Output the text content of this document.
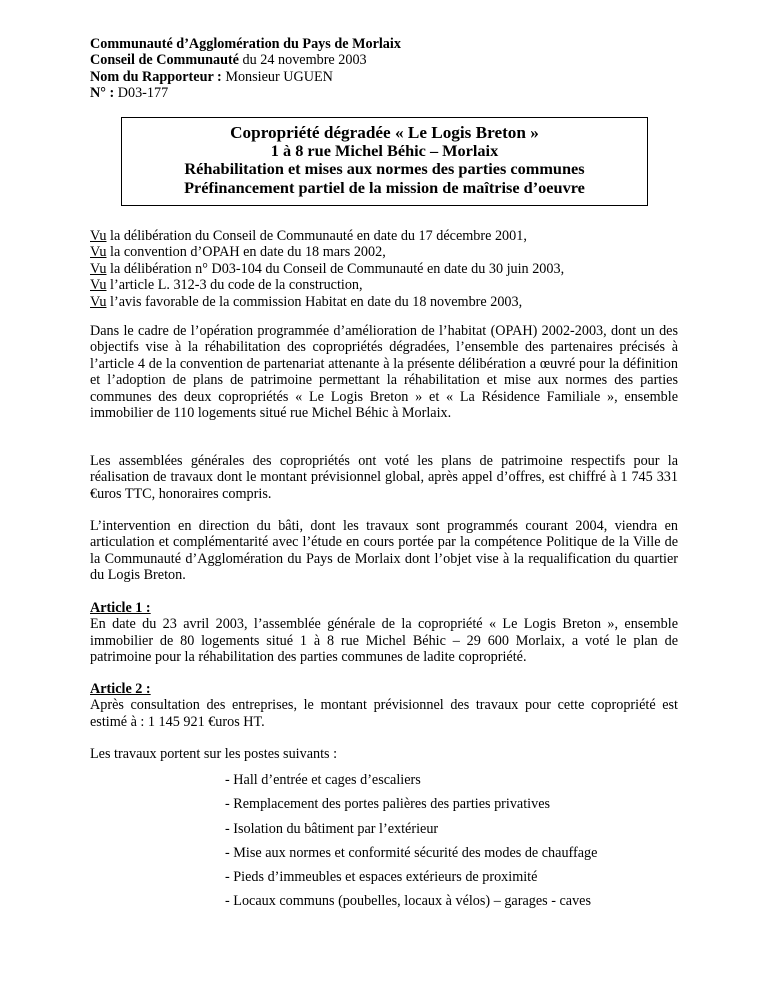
Communauté d’Agglomération du Pays de Morlaix
Conseil de Communauté du 24 novembre 2003
Nom du Rapporteur : Monsieur UGUEN
N° : D03-177
Copropriété dégradée « Le Logis Breton »
1 à 8 rue Michel Béhic – Morlaix
Réhabilitation et mises aux normes des parties communes
Préfinancement partiel de la mission de maîtrise d’oeuvre
Vu la délibération du Conseil de Communauté en date du 17 décembre 2001,
Vu la convention d’OPAH en date du 18 mars 2002,
Vu la délibération n° D03-104 du Conseil de Communauté en date du 30 juin 2003,
Vu l’article L. 312-3 du code de la construction,
Vu l’avis favorable de la commission Habitat en date du 18 novembre 2003,
Dans le cadre de l’opération programmée d’amélioration de l’habitat (OPAH) 2002-2003, dont un des objectifs vise à la réhabilitation des copropriétés dégradées, l’ensemble des partenaires précisés à l’article 4 de la convention de partenariat attenante à la présente délibération a œuvré pour la définition et l’adoption de plans de patrimoine permettant la réhabilitation et mise aux normes des parties communes des deux copropriétés « Le Logis Breton » et « La Résidence Familiale », ensemble immobilier de 110 logements situé rue Michel Béhic à Morlaix.
Les assemblées générales des copropriétés ont voté les plans de patrimoine respectifs pour la réalisation de travaux dont le montant prévisionnel global, après appel d’offres, est chiffré à 1 745 331 €uros TTC, honoraires compris.
L’intervention en direction du bâti, dont les travaux sont programmés courant 2004, viendra en articulation et complémentarité avec l’étude en cours portée par la compétence Politique de la Ville de la Communauté d’Agglomération du Pays de Morlaix dont l’objet vise à la requalification du quartier du Logis Breton.
Article 1 :
En date du 23 avril 2003, l’assemblée générale de la copropriété « Le Logis Breton », ensemble immobilier de 80 logements situé 1 à 8 rue Michel Béhic – 29 600 Morlaix, a voté le plan de patrimoine pour la réhabilitation des parties communes de ladite copropriété.
Article 2 :
Après consultation des entreprises, le montant prévisionnel des travaux pour cette copropriété est estimé à : 1 145 921 €uros HT.
Les travaux portent sur les postes suivants :
- Hall d’entrée et cages d’escaliers
- Remplacement des portes palières des parties privatives
- Isolation du bâtiment par l’extérieur
- Mise aux normes et conformité sécurité des modes de chauffage
- Pieds d’immeubles et espaces extérieurs de proximité
- Locaux communs (poubelles, locaux à vélos) – garages - caves
